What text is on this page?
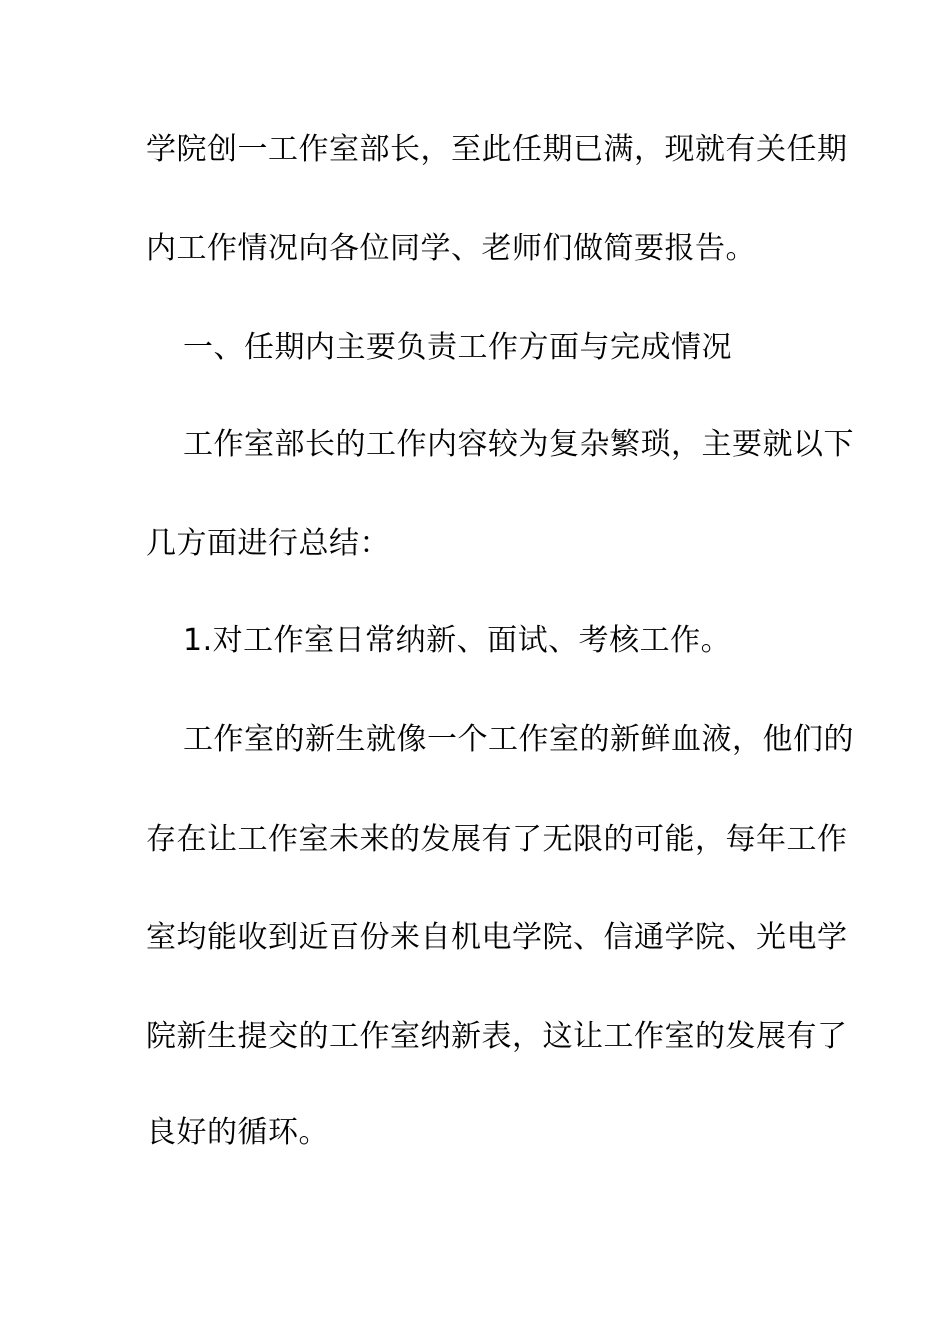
学院创一工作室部长，至此任期已满，现就有关任期
内工作情况向各位同学、老师们做简要报告。
一、任期内主要负责工作方面与完成情况
工作室部长的工作内容较为复杂繁琐，主要就以下
几方面进行总结：
1.对工作室日常纳新、面试、考核工作。
工作室的新生就像一个工作室的新鲜血液，他们的
存在让工作室未来的发展有了无限的可能，每年工作
室均能收到近百份来自机电学院、信通学院、光电学
院新生提交的工作室纳新表，这让工作室的发展有了
良好的循环。
